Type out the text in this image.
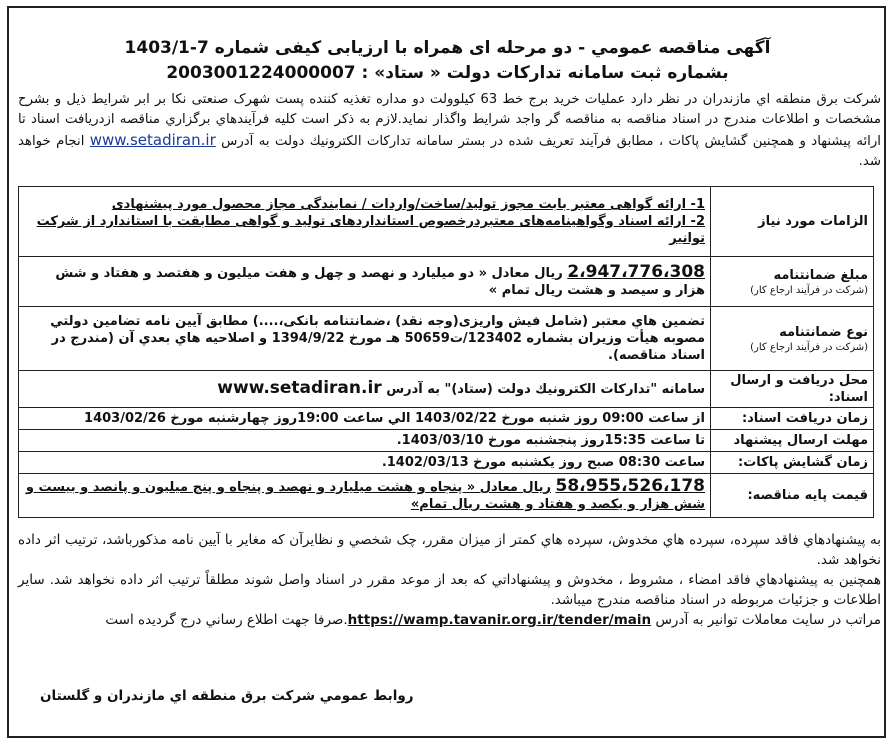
آگهی مناقصه عمومي - دو مرحله ای همراه با ارزیابی کیفی شماره 7-1403/1
بشماره ثبت سامانه تدارکات دولت « ستاد» : 2003001224000007
شرکت برق منطقه اي مازندران در نظر دارد عملیات خرید برج خط 63 کیلوولت دو مداره تغذیه کننده پست شهرک صنعتی نکا بر ابر شرایط ذیل و بشرح مشخصات و اطلاعات مندرج در اسناد مناقصه به مناقصه گر واجد شرایط واگذار نماید.لازم به ذکر است کلیه فرآیندهاي برگزاري مناقصه ازدریافت اسناد تا ارائه پیشنهاد و همچنین گشایش پاکات ، مطابق فرآیند تعریف شده در بستر سامانه تدارکات الکترونیك دولت به آدرس www.setadiran.ir انجام خواهد شد.
الزامات مورد نیاز	1- ارائه گواهی معتبر بابت مجوز تولید/ساخت/واردات / نمایندگی مجاز محصول مورد پیشنهادی
2- ارائه اسناد وگواهینامه‌های معتبردرخصوص استانداردهای تولید و گواهی مطابقت با استاندارد از شرکت توانیر

مبلغ ضمانتنامه
(شرکت در فرآیند ارجاع کار)	2،947،776،308 ریال معادل « دو میلیارد و نهصد و چهل و هفت میلیون و هفتصد و هفتاد و شش هزار و سیصد و هشت ریال تمام »
نوع ضمانتنامه
(شرکت در فرآیند ارجاع کار)	تضمین هاي معتبر (شامل فیش واریزی(وجه نقد) ،ضمانتنامه بانکی،....) مطابق آیین نامه تضامین دولتي مصوبه هیأت وزیران بشماره 123402/ت50659 هـ مورخ 1394/9/22 و اصلاحیه هاي بعدي آن (مندرج در اسناد مناقصه).
محل دریافت و ارسال اسناد:	سامانه "تداركات الكترونيك دولت (ستاد)" به آدرس www.setadiran.ir
زمان دریافت اسناد:	از ساعت 09:00 روز شنبه مورخ 1403/02/22 الي ساعت 19:00روز چهارشنبه مورخ 1403/02/26
مهلت ارسال پیشنهاد	تا ساعت 15:35روز پنجشنبه مورخ 1403/03/10.
زمان گشایش پاکات:	ساعت 08:30 صبح روز یکشنبه مورخ 1402/03/13.
قیمت پایه مناقصه:	58،955،526،178 ریال معادل « پنجاه و هشت میلیارد و نهصد و پنجاه و پنج میلیون و پانصد و بیست و شش هزار و یکصد و هفتاد و هشت ریال تمام»

به پیشنهادهاي فاقد سپرده، سپرده هاي مخدوش، سپرده هاي کمتر از میزان مقرر، چک شخصي و نظایرآن که مغایر با آیین نامه مذکورباشد، ترتیب اثر داده نخواهد شد.

همچنین به پیشنهادهاي فاقد امضاء ، مشروط ، مخدوش و پیشنهاداتي که بعد از موعد مقرر در اسناد واصل شوند مطلقاً ترتیب اثر داده نخواهد شد. سایر اطلاعات و جزئیات مربوطه در اسناد مناقصه مندرج میباشد.

مراتب در سایت معاملات توانیر به آدرس https://wamp.tavanir.org.ir/tender/main.صرفا جهت اطلاع رساني درج گردیده است

روابط عمومي شرکت برق منطقه اي مازندران و گلستان
